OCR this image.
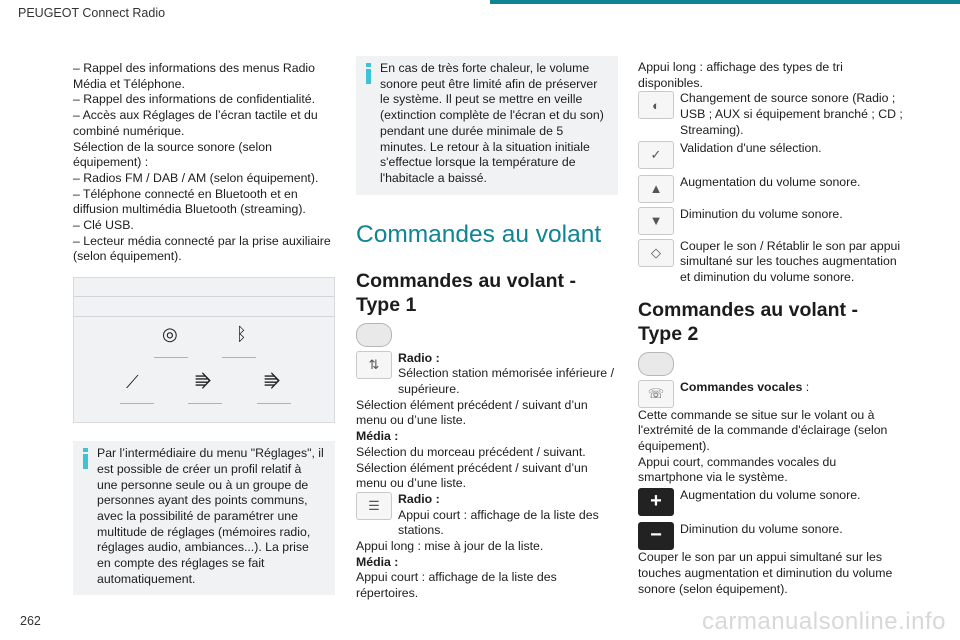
PEUGEOT Connect Radio

– Rappel des informations des menus Radio Média et Téléphone.

– Rappel des informations de confidentialité.

– Accès aux Réglages de l’écran tactile et du combiné numérique.

Sélection de la source sonore (selon équipement) :

– Radios FM / DAB / AM (selon équipement).

– Téléphone connecté en Bluetooth et en diffusion multimédia Bluetooth (streaming).

– Clé USB.

– Lecteur média connecté par la prise auxiliaire (selon équipement).

◎	ᛒ
⟋	⭆	⭆

Par l’intermédiaire du menu "Réglages", il est possible de créer un profil relatif à une personne seule ou à un groupe de personnes ayant des points communs, avec la possibilité de paramétrer une multitude de réglages (mémoires radio, réglages audio, ambiances...). La prise en compte des réglages se fait automatiquement.

En cas de très forte chaleur, le volume sonore peut être limité afin de préserver le système. Il peut se mettre en veille (extinction complète de l'écran et du son) pendant une durée minimale de 5 minutes. Le retour à la situation initiale s'effectue lorsque la température de l'habitacle a baissé.

Commandes au volant

Commandes au volant - Type 1

⇅	Radio :

Sélection station mémorisée inférieure / supérieure.

Sélection élément précédent / suivant d’un menu ou d’une liste.

Média :

Sélection du morceau précédent / suivant.

Sélection élément précédent / suivant d’un menu ou d’une liste.

☰	Radio :

Appui court : affichage de la liste des stations.

Appui long : mise à jour de la liste.

Média :

Appui court : affichage de la liste des répertoires.

Appui long : affichage des types de tri disponibles.

◐	Changement de source sonore (Radio ; USB ; AUX si équipement branché ; CD ; Streaming).

✓	Validation d'une sélection.

▲	Augmentation du volume sonore.

▼	Diminution du volume sonore.

◇	Couper le son / Rétablir le son par appui simultané sur les touches augmentation et diminution du volume sonore.

Commandes au volant - Type 2

☏	Commandes vocales :

Cette commande se situe sur le volant ou à l'extrémité de la commande d'éclairage (selon équipement).

Appui court, commandes vocales du smartphone via le système.

+	Augmentation du volume sonore.

−	Diminution du volume sonore.

Couper le son par un appui simultané sur les touches augmentation et diminution du volume sonore (selon équipement).

262	carmanualsonline.info
